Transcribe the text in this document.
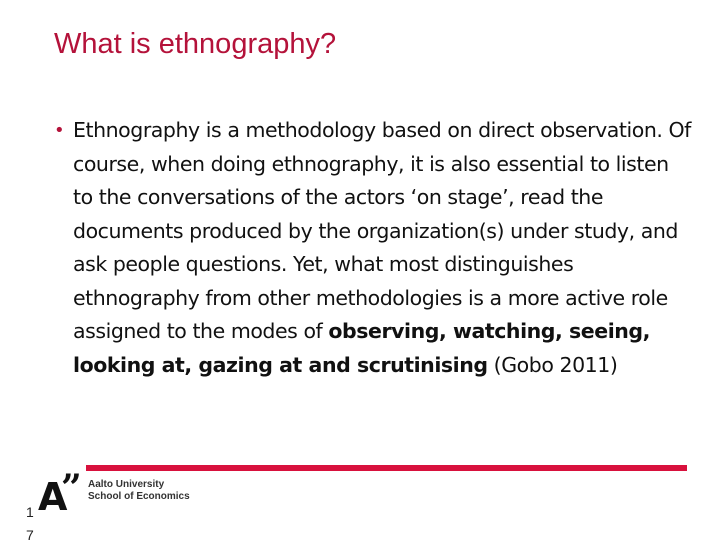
What is ethnography?
• Ethnography is a methodology based on direct observation. Of course, when doing ethnography, it is also essential to listen to the conversations of the actors ‘on stage’, read the documents produced by the organization(s) under study, and ask people questions. Yet, what most distinguishes ethnography from other methodologies is a more active role assigned to the modes of observing, watching, seeing, looking at, gazing at and scrutinising (Gobo 2011)
A
” Aalto University
School of Economics
17
